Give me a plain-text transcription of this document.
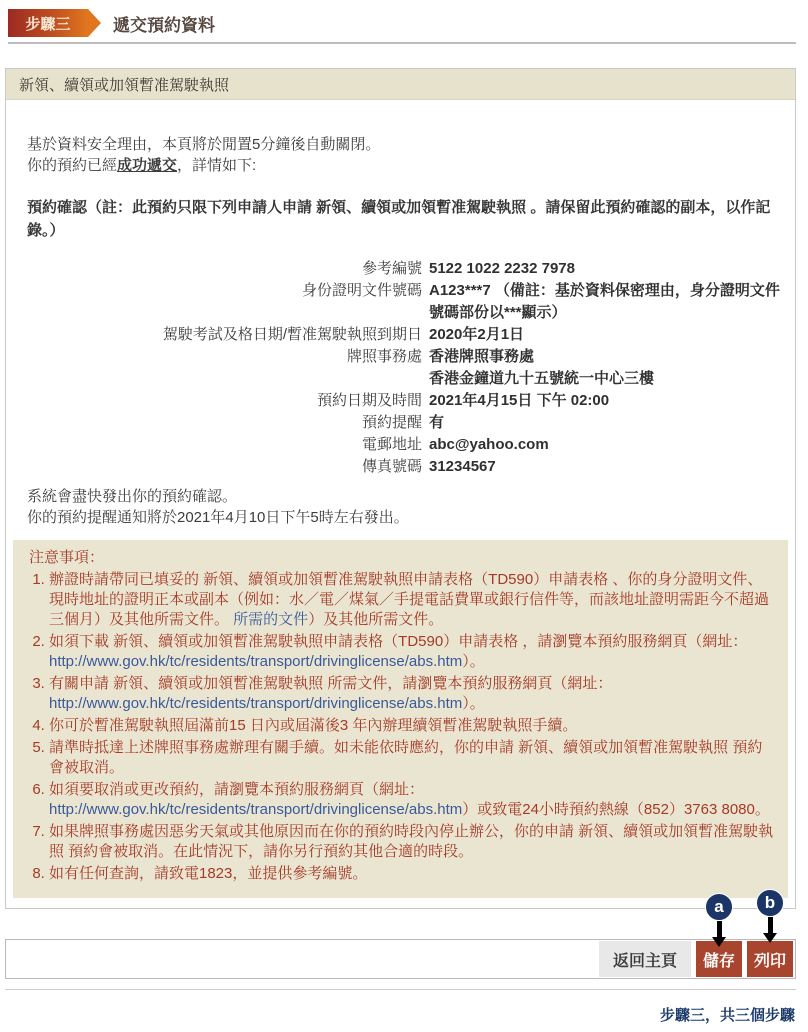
步驟三	遞交預約資料
新領、續領或加領暫准駕駛執照
基於資料安全理由，本頁將於閒置5分鐘後自動關閉。
你的預約已經成功遞交，詳情如下:
預約確認（註：此預約只限下列申請人申請 新領、續領或加領暫准駕駛執照 。請保留此預約確認的副本，以作記錄。）
參考編號 5122 1022 2232 7978
身份證明文件號碼 A123***7 （備註：基於資料保密理由，身分證明文件號碼部份以***顯示）
駕駛考試及格日期/暫准駕駛執照到期日 2020年2月1日
牌照事務處 香港牌照事務處
香港金鐘道九十五號統一中心三樓
預約日期及時間 2021年4月15日 下午 02:00
預約提醒 有
電郵地址 abc@yahoo.com
傳真號碼 31234567
系統會盡快發出你的預約確認。
你的預約提醒通知將於2021年4月10日下午5時左右發出。
注意事項：
1. 辦證時請帶同已填妥的 新領、續領或加領暫准駕駛執照申請表格（TD590）申請表格 、你的身分證明文件、現時地址的證明正本或副本（例如：水／電／煤氣／手提電話費單或銀行信件等，而該地址證明需距今不超過三個月）及其他所需文件。 所需的文件）及其他所需文件。
2. 如須下載 新領、續領或加領暫准駕駛執照申請表格（TD590）申請表格 ，請瀏覽本預約服務網頁（網址： http://www.gov.hk/tc/residents/transport/drivinglicense/abs.htm）。
3. 有關申請 新領、續領或加領暫准駕駛執照 所需文件，請瀏覽本預約服務網頁（網址： http://www.gov.hk/tc/residents/transport/drivinglicense/abs.htm）。
4. 你可於暫准駕駛執照屆滿前15 日內或屆滿後3 年內辦理續領暫准駕駛執照手續。
5. 請準時抵達上述牌照事務處辦理有關手續。如未能依時應約，你的申請 新領、續領或加領暫准駕駛執照 預約會被取消。
6. 如須要取消或更改預約，請瀏覽本預約服務網頁（網址： http://www.gov.hk/tc/residents/transport/drivinglicense/abs.htm）或致電24小時預約熱線（852）3763 8080。
7. 如果牌照事務處因惡劣天氣或其他原因而在你的預約時段內停止辦公，你的申請 新領、續領或加領暫准駕駛執照 預約會被取消。在此情況下，請你另行預約其他合適的時段。
8. 如有任何查詢，請致電1823，並提供參考編號。
返回主頁	儲存
a
列印
b
步驟三，共三個步驟
